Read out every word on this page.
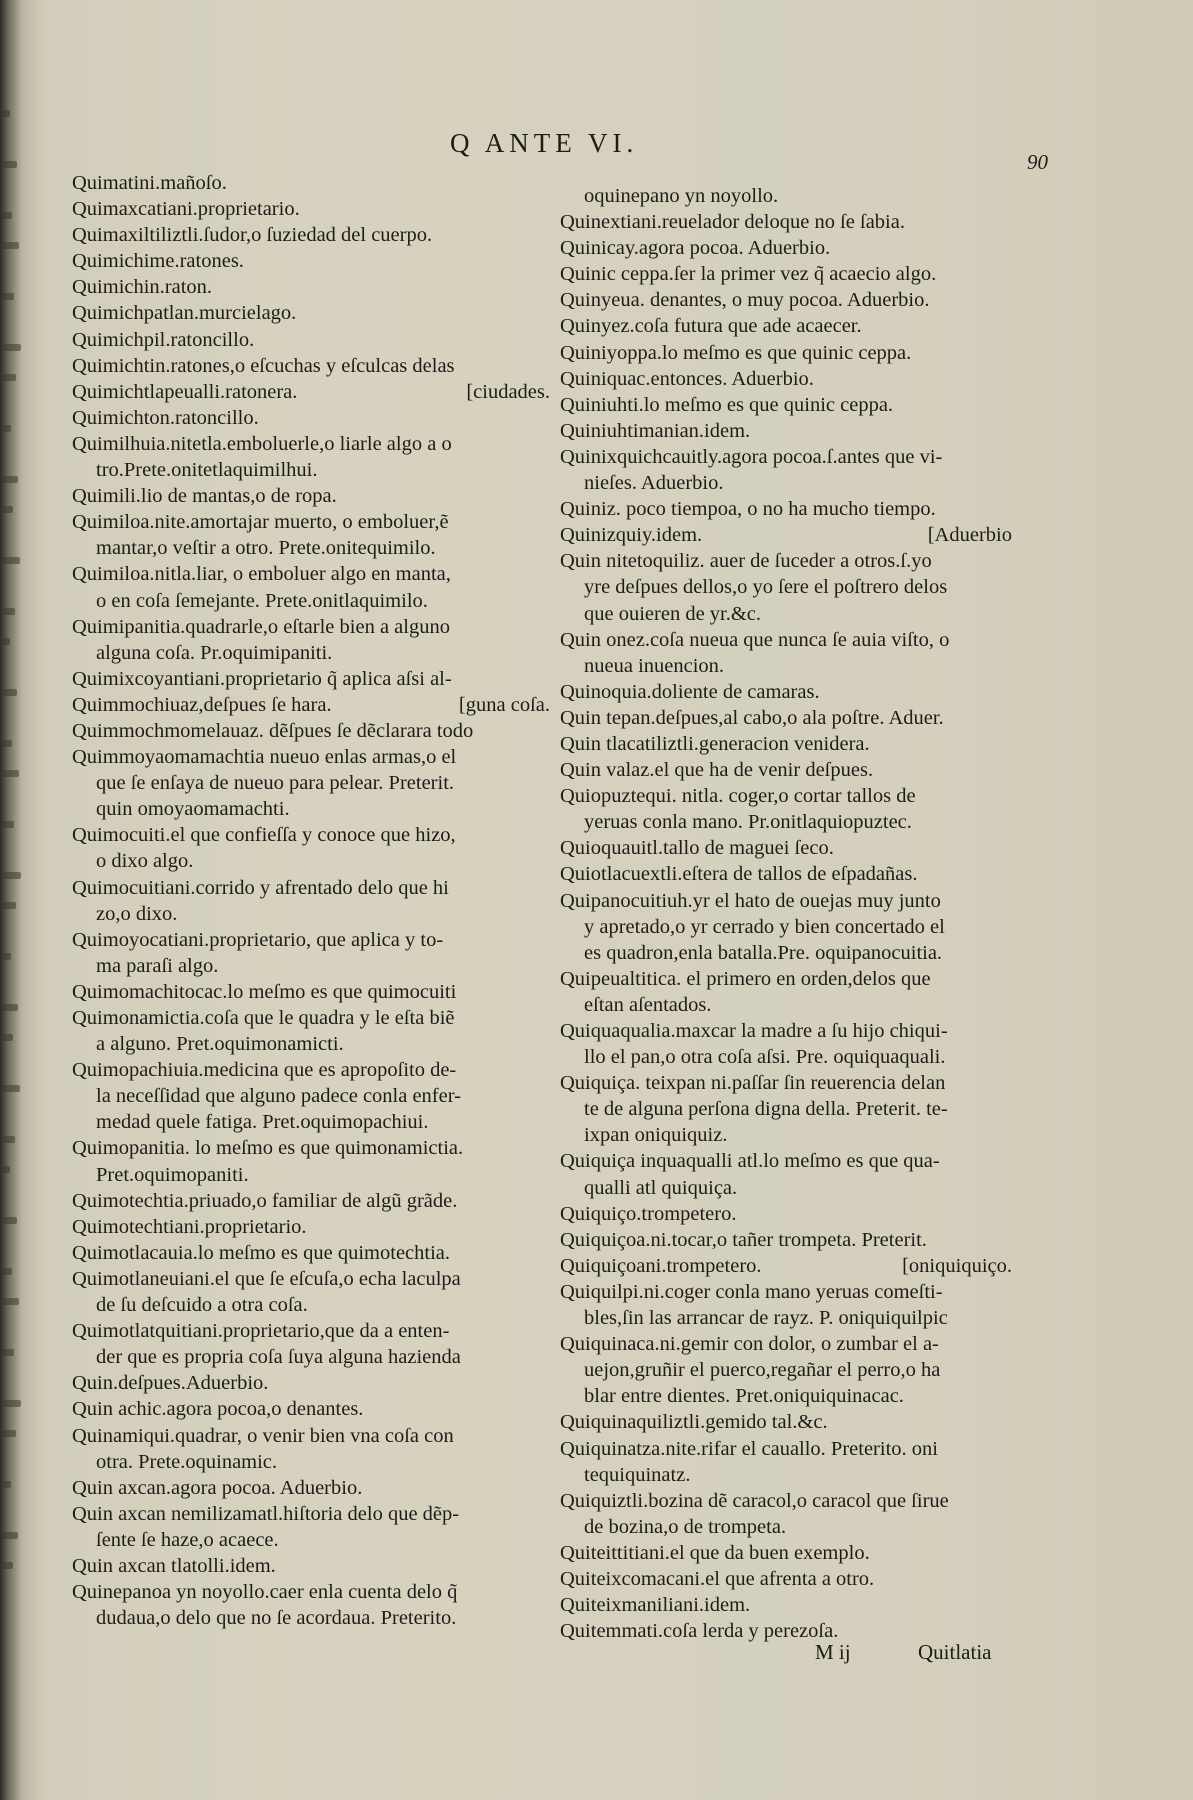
Q ANTE VI.
90
Quimatini.mañoſo.
Quimaxcatiani.proprietario.
Quimaxiltiliztli.ſudor,o ſuziedad del cuerpo.
Quimichime.ratones.
Quimichin.raton.
Quimichpatlan.murcielago.
Quimichpil.ratoncillo.
Quimichtin.ratones,o eſcuchas y eſculcas delas
Quimichtlapeualli.ratonera.	[ciudades.
Quimichton.ratoncillo.
Quimilhuia.nitetla.emboluerle,o liarle algo a o
tro.Prete.onitetlaquimilhui.
Quimili.lio de mantas,o de ropa.
Quimiloa.nite.amortajar muerto, o emboluer,ẽ
mantar,o veſtir a otro. Prete.onitequimilo.
Quimiloa.nitla.liar, o emboluer algo en manta,
o en coſa ſemejante. Prete.onitlaquimilo.
Quimipanitia.quadrarle,o eſtarle bien a alguno
alguna coſa. Pr.oquimipaniti.
Quimixcoyantiani.proprietario q̃ aplica aſsi al-
Quimmochiuaz,deſpues ſe hara.	[guna coſa.
Quimmochmomelauaz. dẽſpues ſe dẽclarara todo
Quimmoyaomamachtia nueuo enlas armas,o el
que ſe enſaya de nueuo para pelear. Preterit.
quin omoyaomamachti.
Quimocuiti.el que confieſſa y conoce que hizo,
o dixo algo.
Quimocuitiani.corrido y afrentado delo que hi
zo,o dixo.
Quimoyocatiani.proprietario, que aplica y to-
ma paraſi algo.
Quimomachitocac.lo meſmo es que quimocuiti
Quimonamictia.coſa que le quadra y le eſta biẽ
a alguno. Pret.oquimonamicti.
Quimopachiuia.medicina que es apropoſito de-
la neceſſidad que alguno padece conla enfer-
medad quele fatiga. Pret.oquimopachiui.
Quimopanitia. lo meſmo es que quimonamictia.
Pret.oquimopaniti.
Quimotechtia.priuado,o familiar de algũ grãde.
Quimotechtiani.proprietario.
Quimotlacauia.lo meſmo es que quimotechtia.
Quimotlaneuiani.el que ſe eſcuſa,o echa laculpa
de ſu deſcuido a otra coſa.
Quimotlatquitiani.proprietario,que da a enten-
der que es propria coſa ſuya alguna hazienda
Quin.deſpues.Aduerbio.
Quin achic.agora pocoa,o denantes.
Quinamiqui.quadrar, o venir bien vna coſa con
otra. Prete.oquinamic.
Quin axcan.agora pocoa. Aduerbio.
Quin axcan nemilizamatl.hiſtoria delo que dẽp-
ſente ſe haze,o acaece.
Quin axcan tlatolli.idem.
Quinepanoa yn noyollo.caer enla cuenta delo q̃
dudaua,o delo que no ſe acordaua. Preterito.
oquinepano yn noyollo.
Quinextiani.reuelador deloque no ſe ſabia.
Quinicay.agora pocoa. Aduerbio.
Quinic ceppa.ſer la primer vez q̃ acaecio algo.
Quinyeua. denantes, o muy pocoa. Aduerbio.
Quinyez.coſa futura que ade acaecer.
Quiniyoppa.lo meſmo es que quinic ceppa.
Quiniquac.entonces. Aduerbio.
Quiniuhti.lo meſmo es que quinic ceppa.
Quiniuhtimanian.idem.
Quinixquichcauitly.agora pocoa.ſ.antes que vi-
nieſes. Aduerbio.
Quiniz. poco tiempoa, o no ha mucho tiempo.
Quinizquiy.idem.	[Aduerbio
Quin nitetoquiliz. auer de ſuceder a otros.ſ.yo
yre deſpues dellos,o yo ſere el poſtrero delos
que ouieren de yr.&c.
Quin onez.coſa nueua que nunca ſe auia viſto, o
nueua inuencion.
Quinoquia.doliente de camaras.
Quin tepan.deſpues,al cabo,o ala poſtre. Aduer.
Quin tlacatiliztli.generacion venidera.
Quin valaz.el que ha de venir deſpues.
Quiopuztequi. nitla. coger,o cortar tallos de
yeruas conla mano. Pr.onitlaquiopuztec.
Quioquauitl.tallo de maguei ſeco.
Quiotlacuextli.eſtera de tallos de eſpadañas.
Quipanocuitiuh.yr el hato de ouejas muy junto
y apretado,o yr cerrado y bien concertado el
es quadron,enla batalla.Pre. oquipanocuitia.
Quipeualtitica. el primero en orden,delos que
eſtan aſentados.
Quiquaqualia.maxcar la madre a ſu hijo chiqui-
llo el pan,o otra coſa aſsi. Pre. oquiquaquali.
Quiquiça. teixpan ni.paſſar ſin reuerencia delan
te de alguna perſona digna della. Preterit. te-
ixpan oniquiquiz.
Quiquiça inquaqualli atl.lo meſmo es que qua-
qualli atl quiquiça.
Quiquiço.trompetero.
Quiquiçoa.ni.tocar,o tañer trompeta. Preterit.
Quiquiçoani.trompetero.	[oniquiquiço.
Quiquilpi.ni.coger conla mano yeruas comeſti-
bles,ſin las arrancar de rayz. P. oniquiquilpic
Quiquinaca.ni.gemir con dolor, o zumbar el a-
uejon,gruñir el puerco,regañar el perro,o ha
blar entre dientes. Pret.oniquiquinacac.
Quiquinaquiliztli.gemido tal.&c.
Quiquinatza.nite.rifar el cauallo. Preterito. oni
tequiquinatz.
Quiquiztli.bozina dẽ caracol,o caracol que ſirue
de bozina,o de trompeta.
Quiteittitiani.el que da buen exemplo.
Quiteixcomacani.el que afrenta a otro.
Quiteixmaniliani.idem.
Quitemmati.coſa lerda y perezoſa.
M ij	Quitlatia
